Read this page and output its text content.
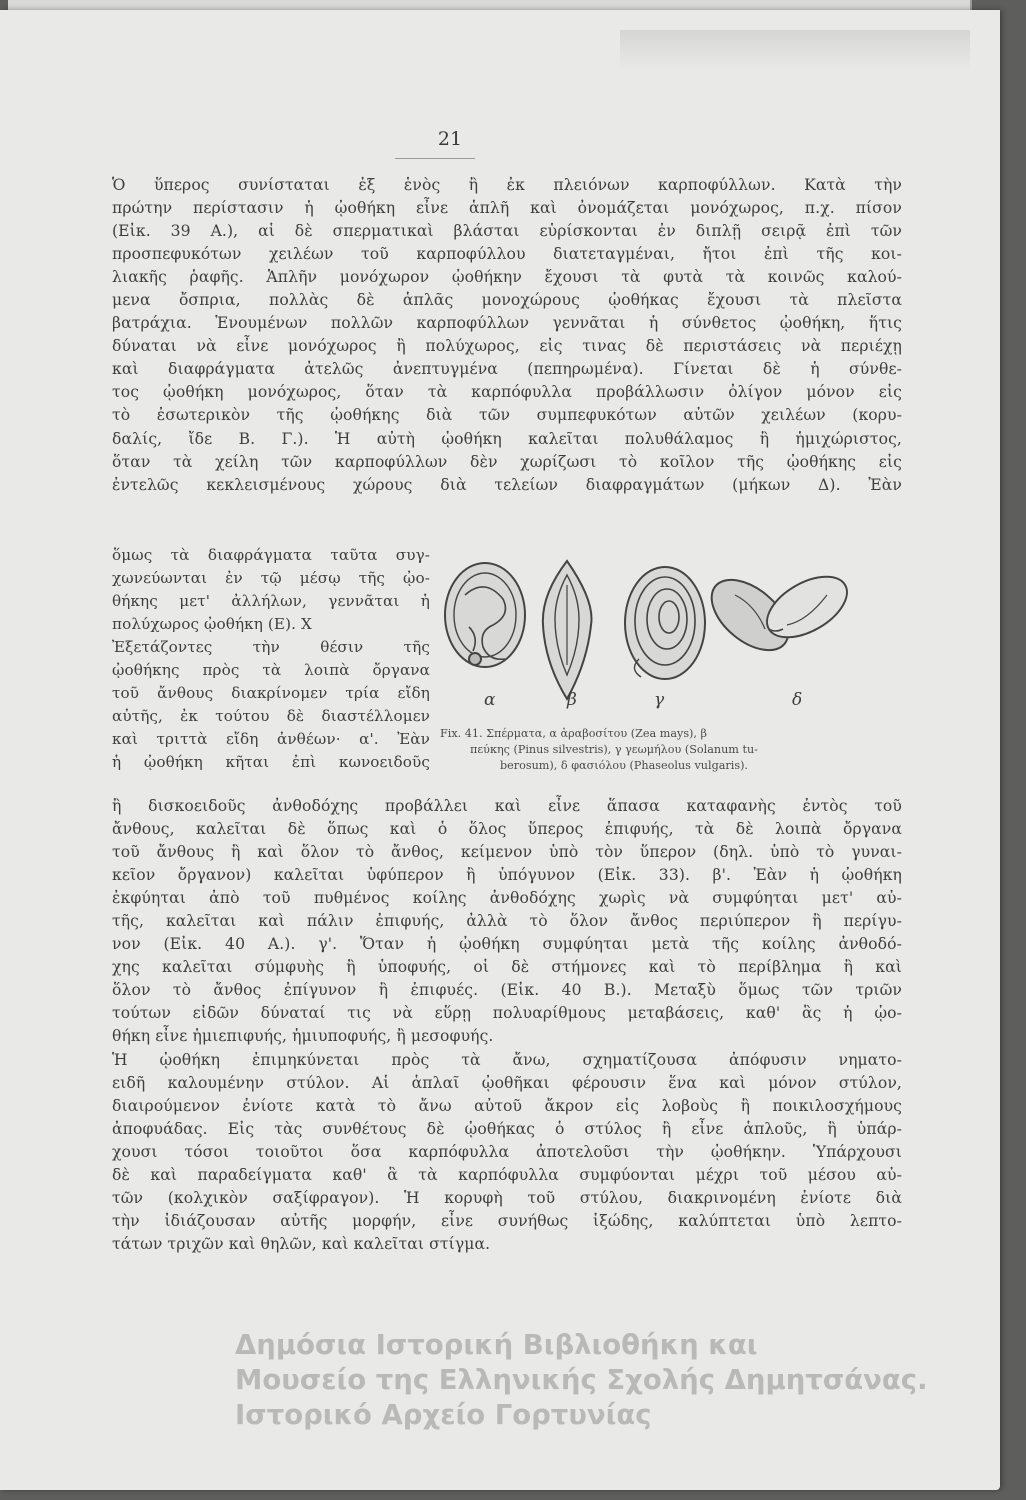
21
Ὁ ὕπερος συνίσταται ἐξ ἑνὸς ἢ ἐκ πλειόνων καρποφύλλων. Κατὰ τὴν
πρώτην περίστασιν ἡ ᾠοθήκη εἶνε ἁπλῆ καὶ ὀνομάζεται μονόχωρος, π.χ. πίσον
(Εἰκ. 39 Α.), αἱ δὲ σπερματικαὶ βλάσται εὑρίσκονται ἐν διπλῇ σειρᾷ ἐπὶ τῶν
προσπεφυκότων χειλέων τοῦ καρποφύλλου διατεταγμέναι, ἤτοι ἐπὶ τῆς κοι-
λιακῆς ῥαφῆς. Ἁπλῆν μονόχωρον ᾠοθήκην ἔχουσι τὰ φυτὰ τὰ κοινῶς καλού-
μενα ὄσπρια, πολλὰς δὲ ἁπλᾶς μονοχώρους ᾠοθήκας ἔχουσι τὰ πλεῖστα
βατράχια. Ἑνουμένων πολλῶν καρποφύλλων γεννᾶται ἡ σύνθετος ᾠοθήκη, ἥτις
δύναται νὰ εἶνε μονόχωρος ἢ πολύχωρος, εἰς τινας δὲ περιστάσεις νὰ περιέχῃ
καὶ διαφράγματα ἀτελῶς ἀνεπτυγμένα (πεπηρωμένα). Γίνεται δὲ ἡ σύνθε-
τος ᾠοθήκη μονόχωρος, ὅταν τὰ καρπόφυλλα προβάλλωσιν ὀλίγον μόνον εἰς
τὸ ἐσωτερικὸν τῆς ᾠοθήκης διὰ τῶν συμπεφυκότων αὐτῶν χειλέων (κορυ-
δαλίς, ἴδε Β. Γ.). Ἡ αὐτὴ ᾠοθήκη καλεῖται πολυθάλαμος ἢ ἡμιχώριστος,
ὅταν τὰ χείλη τῶν καρποφύλλων δὲν χωρίζωσι τὸ κοῖλον τῆς ᾠοθήκης εἰς
ἐντελῶς κεκλεισμένους χώρους διὰ τελείων διαφραγμάτων (μήκων Δ). Ἐὰν
ὅμως τὰ διαφράγματα ταῦτα συγ-
χωνεύωνται ἐν τῷ μέσῳ τῆς ᾠο-
θήκης μετ' ἀλλήλων, γεννᾶται ἡ
πολύχωρος ᾠοθήκη (Ε). X
Ἐξετάζοντες τὴν θέσιν τῆς
ᾠοθήκης πρὸς τὰ λοιπὰ ὄργανα
τοῦ ἄνθους διακρίνομεν τρία εἴδη
αὐτῆς, ἐκ τούτου δὲ διαστέλλομεν
καὶ τριττὰ εἴδη ἀνθέων· α'. Ἐὰν
ἡ ᾠοθήκη κῆται ἐπὶ κωνοειδοῦς
α	β	γ	δ
Fix. 41. Σπέρματα, α ἀραβοσίτου (Zea mays), β
πεύκης (Pinus silvestris), γ γεωμήλου (Solanum tu-
berosum), δ φασιόλου (Phaseolus vulgaris).
ἢ δισκοειδοῦς ἀνθοδόχης προβάλλει καὶ εἶνε ἅπασα καταφανὴς ἐντὸς τοῦ
ἄνθους, καλεῖται δὲ ὅπως καὶ ὁ ὅλος ὕπερος ἐπιφυής, τὰ δὲ λοιπὰ ὄργανα
τοῦ ἄνθους ἢ καὶ ὅλον τὸ ἄνθος, κείμενον ὑπὸ τὸν ὕπερον (δηλ. ὑπὸ τὸ γυναι-
κεῖον ὄργανον) καλεῖται ὑφύπερον ἢ ὑπόγυνον (Εἰκ. 33). β'. Ἐὰν ἡ ᾠοθήκη
ἐκφύηται ἀπὸ τοῦ πυθμένος κοίλης ἀνθοδόχης χωρὶς νὰ συμφύηται μετ' αὐ-
τῆς, καλεῖται καὶ πάλιν ἐπιφυής, ἀλλὰ τὸ ὅλον ἄνθος περιύπερον ἢ περίγυ-
νον (Εἰκ. 40 Α.). γ'. Ὅταν ἡ ᾠοθήκη συμφύηται μετὰ τῆς κοίλης ἀνθοδό-
χης καλεῖται σύμφυὴς ἢ ὑποφυής, οἱ δὲ στήμονες καὶ τὸ περίβλημα ἢ καὶ
ὅλον τὸ ἄνθος ἐπίγυνον ἢ ἐπιφυές. (Εἰκ. 40 Β.). Μεταξὺ ὅμως τῶν τριῶν
τούτων εἰδῶν δύναταί τις νὰ εὕρῃ πολυαρίθμους μεταβάσεις, καθ' ἃς ἡ ᾠο-
θήκη εἶνε ἡμιεπιφυής, ἡμιυποφυής, ἢ μεσοφυής.
Ἡ ᾠοθήκη ἐπιμηκύνεται πρὸς τὰ ἄνω, σχηματίζουσα ἀπόφυσιν νηματο-
ειδῆ καλουμένην στύλον. Αἱ ἁπλαῖ ᾠοθῆκαι φέρουσιν ἕνα καὶ μόνον στύλον,
διαιρούμενον ἐνίοτε κατὰ τὸ ἄνω αὐτοῦ ἄκρον εἰς λοβοὺς ἢ ποικιλοσχήμους
ἀποφυάδας. Εἰς τὰς συνθέτους δὲ ᾠοθήκας ὁ στύλος ἢ εἶνε ἁπλοῦς, ἢ ὑπάρ-
χουσι τόσοι τοιοῦτοι ὅσα καρπόφυλλα ἀποτελοῦσι τὴν ᾠοθήκην. Ὑπάρχουσι
δὲ καὶ παραδείγματα καθ' ἃ τὰ καρπόφυλλα συμφύονται μέχρι τοῦ μέσου αὐ-
τῶν (κολχικὸν σαξίφραγον). Ἡ κορυφὴ τοῦ στύλου, διακρινομένη ἐνίοτε διὰ
τὴν ἰδιάζουσαν αὐτῆς μορφήν, εἶνε συνήθως ἰξώδης, καλύπτεται ὑπὸ λεπτο-
τάτων τριχῶν καὶ θηλῶν, καὶ καλεῖται στίγμα.
Δημόσια Ιστορική Βιβλιοθήκη και
Μουσείο της Ελληνικής Σχολής Δημητσάνας.
Ιστορικό Αρχείο Γορτυνίας
